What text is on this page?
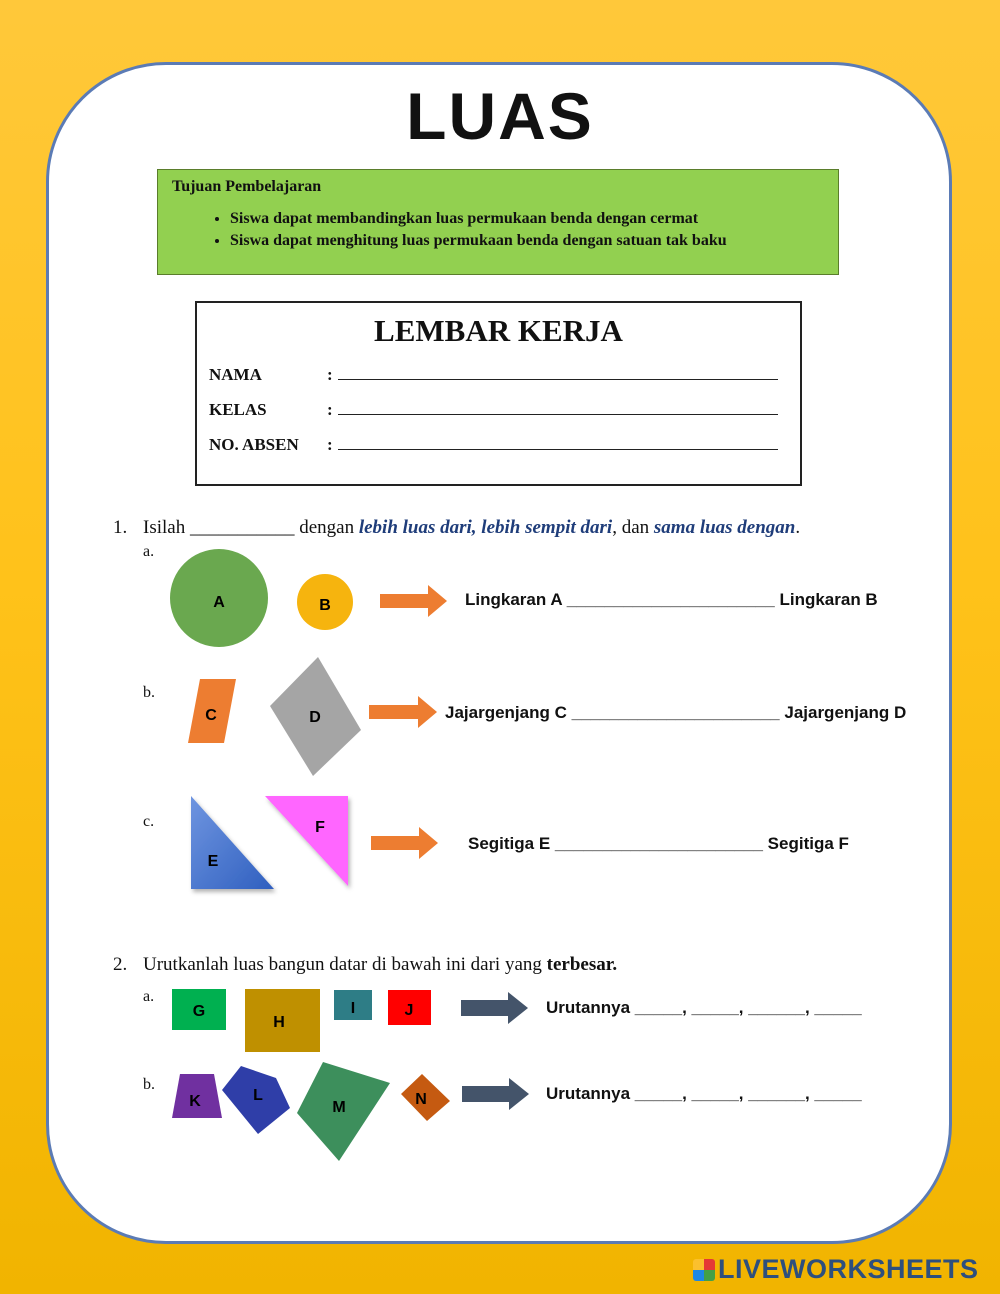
LUAS
Tujuan Pembelajaran
• Siswa dapat membandingkan luas permukaan benda dengan cermat
• Siswa dapat menghitung luas permukaan benda dengan satuan tak baku
LEMBAR KERJA
NAMA	:
KELAS	:
NO. ABSEN :
1. Isilah ___________ dengan lebih luas dari, lebih sempit dari, dan sama luas dengan.
a.
b.
c.
Lingkaran A ______________________ Lingkaran B
Jajargenjang C ______________________ Jajargenjang D
Segitiga E ______________________ Segitiga F
2. Urutkanlah luas bangun datar di bawah ini dari yang terbesar.
a.
b.
Urutannya _____, _____, ______, _____
Urutannya _____, _____, ______, _____
A	B
C	D
E
F
G
H
I	J
K	L
M	N
LIVEWORKSHEETS
